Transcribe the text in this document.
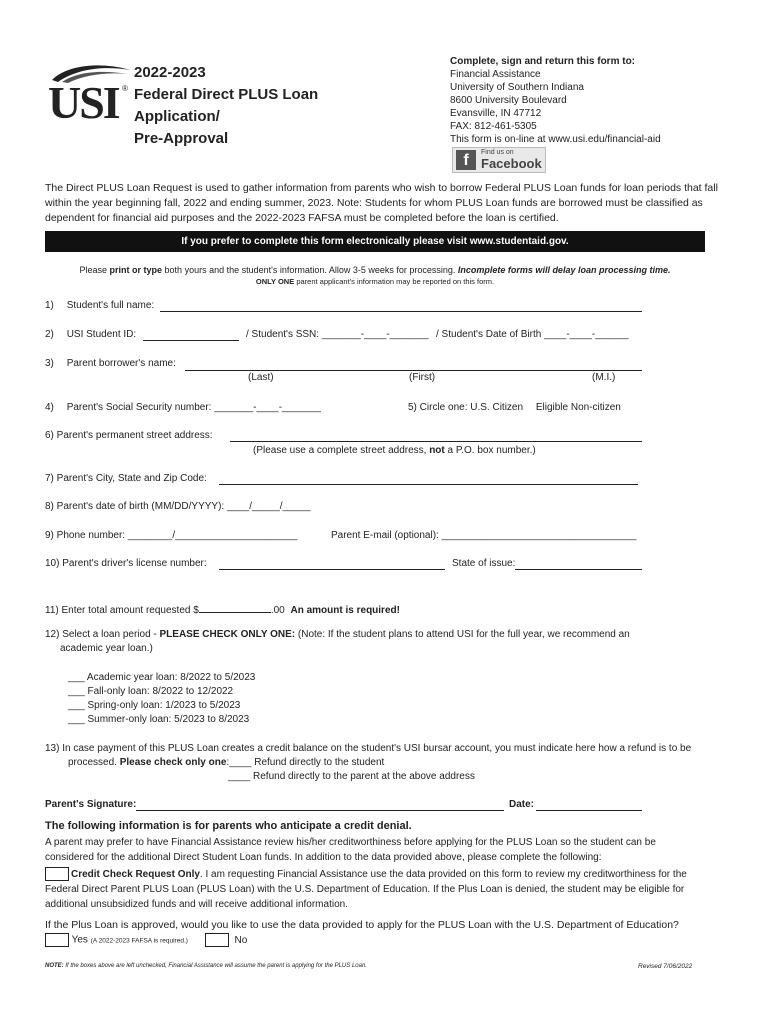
USI ®
2022-2023
Federal Direct PLUS Loan
Application/
Pre-Approval
Complete, sign and return this form to:
Financial Assistance
University of Southern Indiana
8600 University Boulevard
Evansville, IN 47712
FAX: 812-461-5305
This form is on-line at www.usi.edu/financial-aid
f	Find us on
Facebook
The Direct PLUS Loan Request is used to gather information from parents who wish to borrow Federal PLUS Loan funds for loan periods that fall
within the year beginning fall, 2022 and ending summer, 2023. Note: Students for whom PLUS Loan funds are borrowed must be classified as
dependent for financial aid purposes and the 2022-2023 FAFSA must be completed before the loan is certified.
If you prefer to complete this form electronically please visit www.studentaid.gov.
Please print or type both yours and the student's information. Allow 3-5 weeks for processing. Incomplete forms will delay loan processing time.
ONLY ONE parent applicant's information may be reported on this form.
1) Student's full name:
2) USI Student ID:	/ Student's SSN: _______-____-_______ / Student's Date of Birth ____-____-______
3) Parent borrower's name:
(Last)	(First)	(M.I.)
4) Parent's Social Security number: _______-____-_______	5) Circle one: U.S. Citizen Eligible Non-citizen
6) Parent's permanent street address:
(Please use a complete street address, not a P.O. box number.)
7) Parent's City, State and Zip Code:
8) Parent's date of birth (MM/DD/YYYY): ____/_____/_____
9) Phone number: ________/______________________	Parent E-mail (optional): ___________________________________
10) Parent's driver's license number:	State of issue:
11) Enter total amount requested $	.00 An amount is required!
12) Select a loan period - PLEASE CHECK ONLY ONE: (Note: If the student plans to attend USI for the full year, we recommend an
academic year loan.)
___ Academic year loan: 8/2022 to 5/2023
___ Fall-only loan: 8/2022 to 12/2022
___ Spring-only loan: 1/2023 to 5/2023
___ Summer-only loan: 5/2023 to 8/2023
13) In case payment of this PLUS Loan creates a credit balance on the student's USI bursar account, you must indicate here how a refund is to be
processed. Please check only one:____ Refund directly to the student
____ Refund directly to the parent at the above address
Parent's Signature:	Date:
The following information is for parents who anticipate a credit denial.
A parent may prefer to have Financial Assistance review his/her creditworthiness before applying for the PLUS Loan so the student can be
considered for the additional Direct Student Loan funds. In addition to the data provided above, please complete the following:
Credit Check Request Only. I am requesting Financial Assistance use the data provided on this form to review my creditworthiness for the
Federal Direct Parent PLUS Loan (PLUS Loan) with the U.S. Department of Education. If the Plus Loan is denied, the student may be eligible for
additional unsubsidized funds and will receive additional information.
If the Plus Loan is approved, would you like to use the data provided to apply for the PLUS Loan with the U.S. Department of Education?
Yes (A 2022-2023 FAFSA is required.)	No
NOTE: If the boxes above are left unchecked, Financial Assistance will assume the parent is applying for the PLUS Loan.	Revised 7/06/2022
